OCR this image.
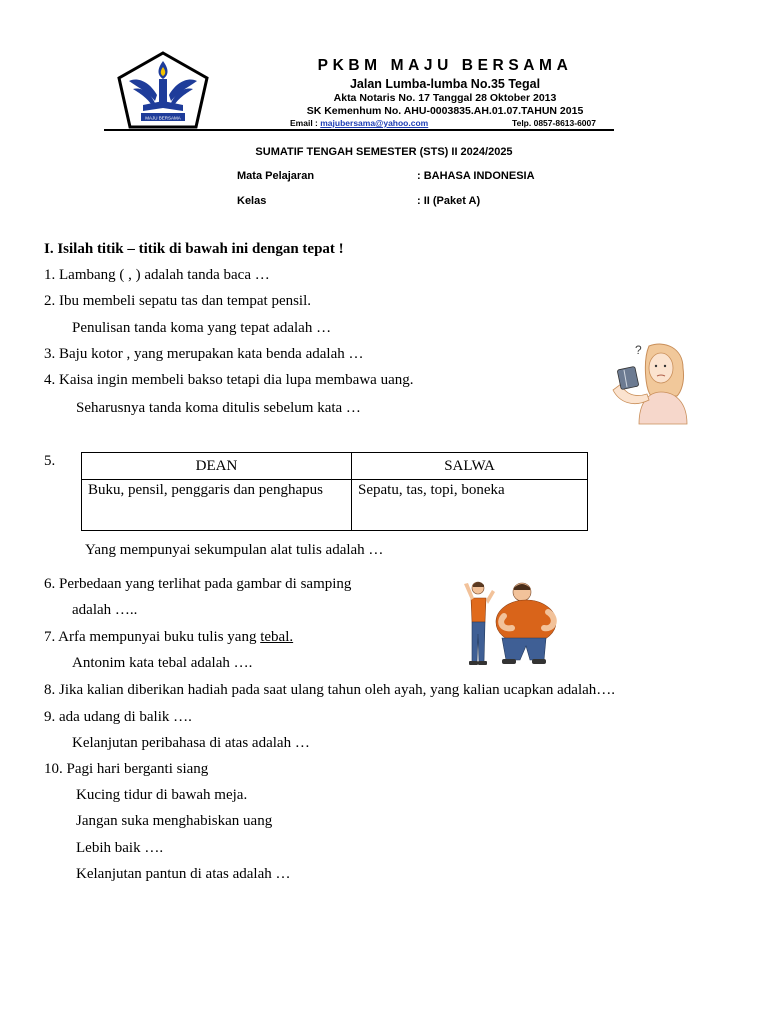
MAJU BERSAMA
PKBM MAJU BERSAMA
Jalan Lumba-lumba No.35 Tegal
Akta Notaris No. 17 Tanggal 28 Oktober 2013
SK Kemenhum No. AHU-0003835.AH.01.07.TAHUN 2015
Email : majubersama@yahoo.com	Telp. 0857-8613-6007
SUMATIF TENGAH SEMESTER (STS) II 2024/2025
Mata Pelajaran	: BAHASA INDONESIA
Kelas	: II (Paket A)
I. Isilah titik – titik di bawah ini dengan tepat !
1. Lambang ( , ) adalah tanda baca …
2. Ibu membeli sepatu tas dan tempat pensil.
Penulisan tanda koma yang tepat adalah …
3. Baju kotor , yang merupakan kata benda adalah …
4. Kaisa ingin membeli bakso tetapi dia lupa membawa uang.
Seharusnya tanda koma ditulis sebelum kata …
?
5.	DEAN	SALWA
Buku, pensil, penggaris dan penghapus	Sepatu, tas, topi, boneka
Yang mempunyai sekumpulan alat tulis adalah …
6. Perbedaan yang terlihat pada gambar di samping
adalah …..
7. Arfa mempunyai buku tulis yang tebal.
Antonim kata tebal adalah ….
8. Jika kalian diberikan hadiah pada saat ulang tahun oleh ayah, yang kalian ucapkan adalah….
9. ada udang di balik ….
Kelanjutan peribahasa di atas adalah …
10. Pagi hari berganti siang
Kucing tidur di bawah meja.
Jangan suka menghabiskan uang
Lebih baik ….
Kelanjutan pantun di atas adalah …
